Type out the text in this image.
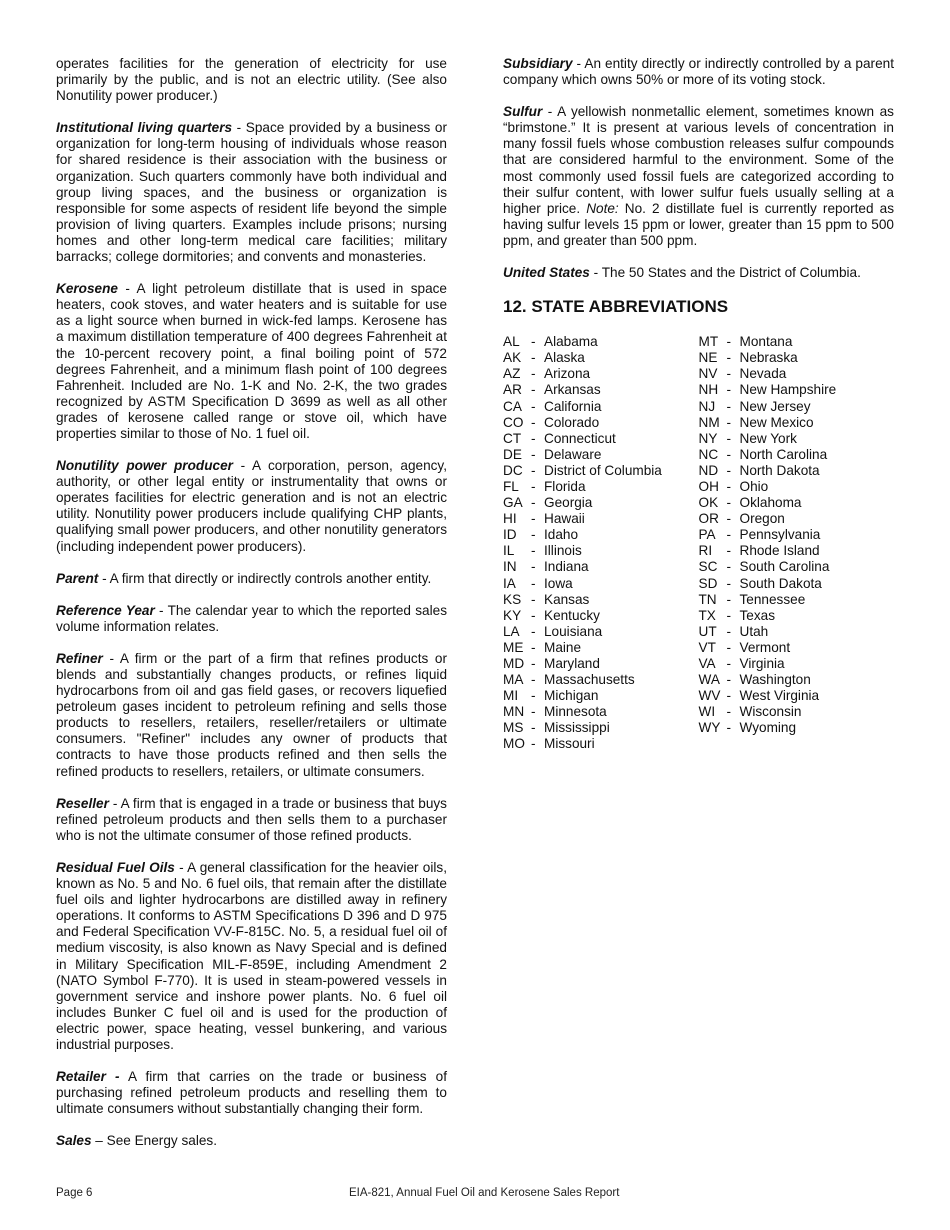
operates facilities for the generation of electricity for use primarily by the public, and is not an electric utility. (See also Nonutility power producer.)

Institutional living quarters - Space provided by a business or organization for long-term housing of individuals whose reason for shared residence is their association with the business or organization. Such quarters commonly have both individual and group living spaces, and the business or organization is responsible for some aspects of resident life beyond the simple provision of living quarters. Examples include prisons; nursing homes and other long-term medical care facilities; military barracks; college dormitories; and convents and monasteries.

Kerosene - A light petroleum distillate that is used in space heaters, cook stoves, and water heaters and is suitable for use as a light source when burned in wick-fed lamps. Kerosene has a maximum distillation temperature of 400 degrees Fahrenheit at the 10-percent recovery point, a final boiling point of 572 degrees Fahrenheit, and a minimum flash point of 100 degrees Fahrenheit. Included are No. 1-K and No. 2-K, the two grades recognized by ASTM Specification D 3699 as well as all other grades of kerosene called range or stove oil, which have properties similar to those of No. 1 fuel oil.

Nonutility power producer - A corporation, person, agency, authority, or other legal entity or instrumentality that owns or operates facilities for electric generation and is not an electric utility. Nonutility power producers include qualifying CHP plants, qualifying small power producers, and other nonutility generators (including independent power producers).

Parent - A firm that directly or indirectly controls another entity.

Reference Year - The calendar year to which the reported sales volume information relates.

Refiner - A firm or the part of a firm that refines products or blends and substantially changes products, or refines liquid hydrocarbons from oil and gas field gases, or recovers liquefied petroleum gases incident to petroleum refining and sells those products to resellers, retailers, reseller/retailers or ultimate consumers. "Refiner" includes any owner of products that contracts to have those products refined and then sells the refined products to resellers, retailers, or ultimate consumers.

Reseller - A firm that is engaged in a trade or business that buys refined petroleum products and then sells them to a purchaser who is not the ultimate consumer of those refined products.

Residual Fuel Oils - A general classification for the heavier oils, known as No. 5 and No. 6 fuel oils, that remain after the distillate fuel oils and lighter hydrocarbons are distilled away in refinery operations. It conforms to ASTM Specifications D 396 and D 975 and Federal Specification VV-F-815C. No. 5, a residual fuel oil of medium viscosity, is also known as Navy Special and is defined in Military Specification MIL-F-859E, including Amendment 2 (NATO Symbol F-770). It is used in steam-powered vessels in government service and inshore power plants. No. 6 fuel oil includes Bunker C fuel oil and is used for the production of electric power, space heating, vessel bunkering, and various industrial purposes.

Retailer - A firm that carries on the trade or business of purchasing refined petroleum products and reselling them to ultimate consumers without substantially changing their form.

Sales – See Energy sales.

Subsidiary - An entity directly or indirectly controlled by a parent company which owns 50% or more of its voting stock.

Sulfur - A yellowish nonmetallic element, sometimes known as “brimstone.” It is present at various levels of concentration in many fossil fuels whose combustion releases sulfur compounds that are considered harmful to the environment. Some of the most commonly used fossil fuels are categorized according to their sulfur content, with lower sulfur fuels usually selling at a higher price. Note: No. 2 distillate fuel is currently reported as having sulfur levels 15 ppm or lower, greater than 15 ppm to 500 ppm, and greater than 500 ppm.

United States - The 50 States and the District of Columbia.

12. STATE ABBREVIATIONS
AL - Alabama
AK - Alaska
AZ - Arizona
AR - Arkansas
CA - California
CO - Colorado
CT - Connecticut
DE - Delaware
DC - District of Columbia
FL - Florida
GA - Georgia
HI	- Hawaii
ID	- Idaho
IL	- Illinois
IN	- Indiana
IA	- Iowa
KS - Kansas
KY - Kentucky
LA - Louisiana
ME - Maine
MD - Maryland
MA - Massachusetts
MI - Michigan
MN - Minnesota
MS - Mississippi
MO - Missouri
MT - Montana
NE - Nebraska
NV - Nevada
NH - New Hampshire
NJ - New Jersey
NM - New Mexico
NY - New York
NC - North Carolina
ND - North Dakota
OH - Ohio
OK - Oklahoma
OR - Oregon
PA - Pennsylvania
RI	- Rhode Island
SC - South Carolina
SD - South Dakota
TN - Tennessee
TX - Texas
UT - Utah
VT - Vermont
VA - Virginia
WA - Washington
WV - West Virginia
WI - Wisconsin
WY - Wyoming
Page 6	EIA-821, Annual Fuel Oil and Kerosene Sales Report
